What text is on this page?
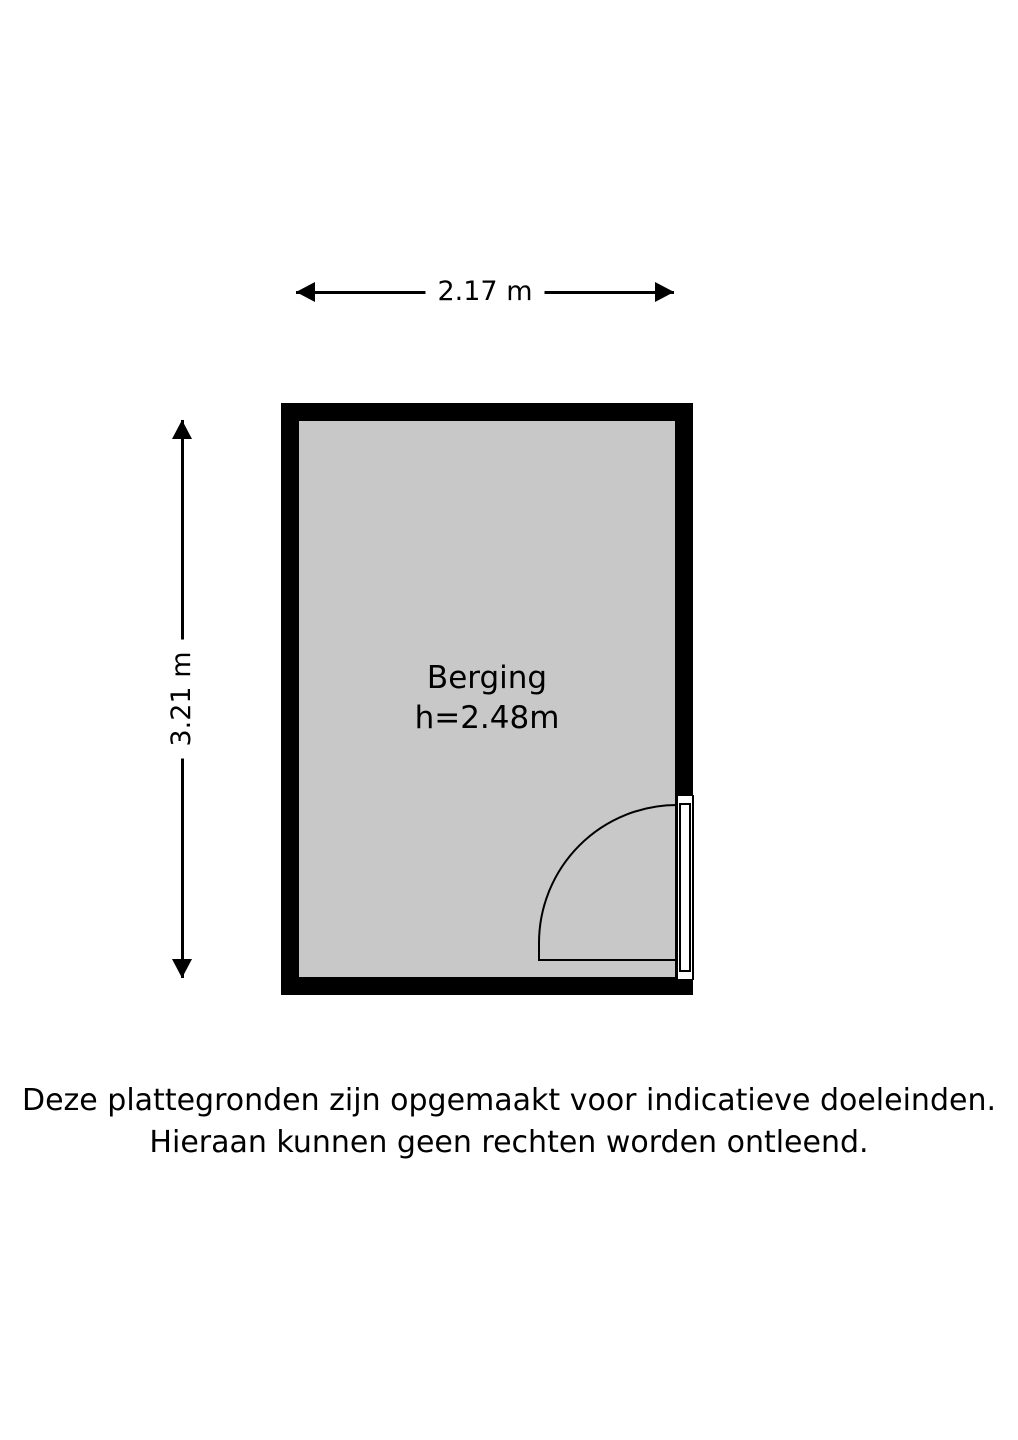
2.17 m
3.21 m	Berging
h=2.48m
Deze plattegronden zijn opgemaakt voor indicatieve doeleinden.
Hieraan kunnen geen rechten worden ontleend.
